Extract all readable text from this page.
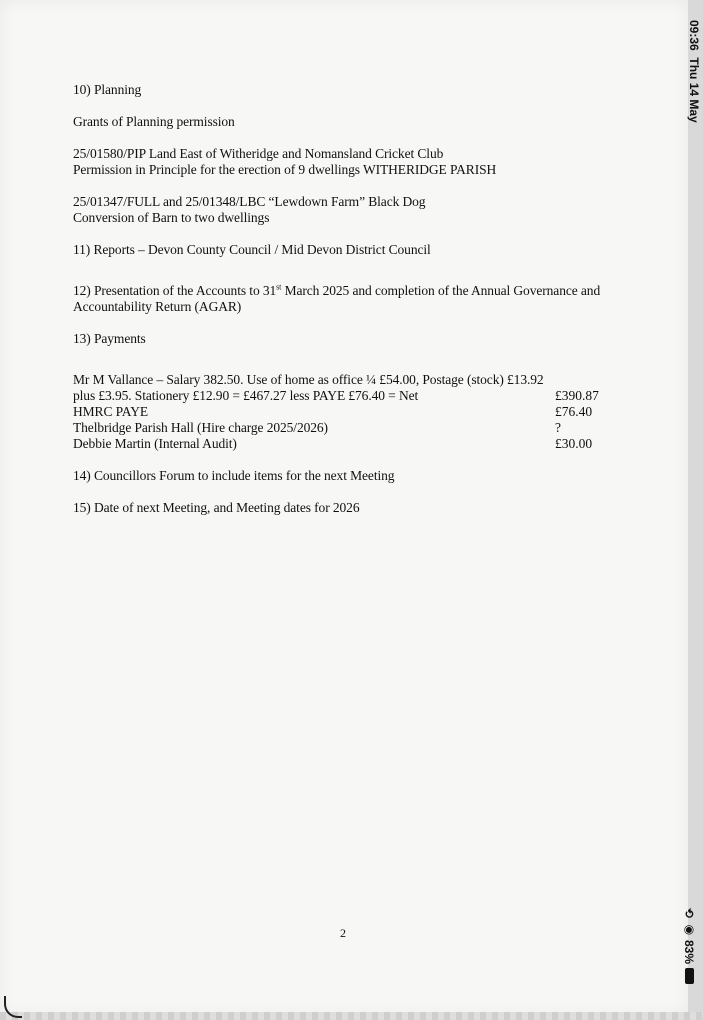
10) Planning
Grants of Planning permission
25/01580/PIP Land East of Witheridge and Nomansland Cricket Club
Permission in Principle for the erection of 9 dwellings WITHERIDGE PARISH
25/01347/FULL and 25/01348/LBC “Lewdown Farm” Black Dog
Conversion of Barn to two dwellings
11) Reports – Devon County Council / Mid Devon District Council
12) Presentation of the Accounts to 31st March 2025 and completion of the Annual Governance and
Accountability Return (AGAR)
13) Payments
Mr M Vallance – Salary 382.50. Use of home as office ¼ £54.00, Postage (stock) £13.92
plus £3.95. Stationery £12.90 = £467.27 less PAYE £76.40 = Net	£390.87
HMRC PAYE	£76.40
Thelbridge Parish Hall (Hire charge 2025/2026)	?
Debbie Martin (Internal Audit)	£30.00
14) Councillors Forum to include items for the next Meeting
15) Date of next Meeting, and Meeting dates for 2026
2
09:36  Thu 14 May
⟲
◉
83%
